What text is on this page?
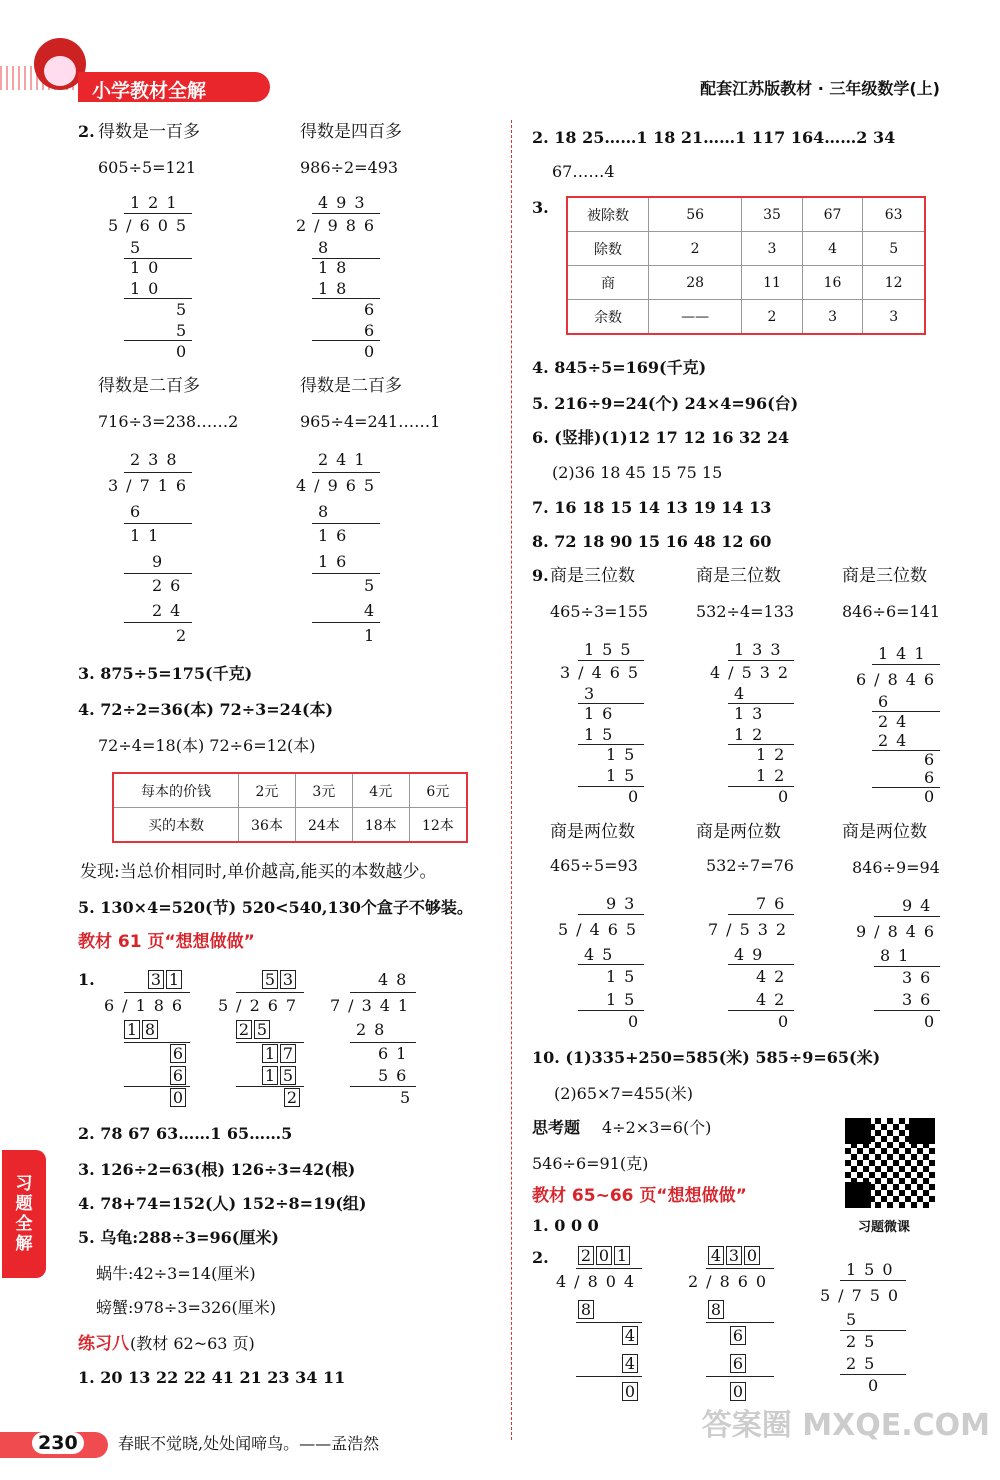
小学教材全解	配套江苏版教材 · 三年级数学(上)
2. 得数是一百多	得数是四百多
605÷5=121	986÷2=493
121
5/605
5
10
10
5
5
0
493
2/986
8
18
18
6
6
0
得数是二百多	得数是二百多
716÷3=238……2	965÷4=241……1
238
3/716
6
11
9
26
24
2
241
4/965
8
16
16
5
4
1
3. 875÷5=175(千克)
4. 72÷2=36(本) 72÷3=24(本)
72÷4=18(本) 72÷6=12(本)
每本的价钱	2元	3元	4元	6元
买的本数	36本	24本	18本	12本
发现:当总价相同时,单价越高,能买的本数越少。
5. 130×4=520(节) 520<540,130个盒子不够装。
教材 61 页“想想做做”
1.	3 1
6/186
1 8
6
6
0
5 3
5/267
2 5
1 7
1 5
2
48
7/341
28
61
56
5
2. 78 67 63……1 65……5
3. 126÷2=63(根) 126÷3=42(根)
4. 78+74=152(人) 152÷8=19(组)
5. 乌龟:288÷3=96(厘米)
蜗牛:42÷3=14(厘米)
螃蟹:978÷3=326(厘米)
练习八 (教材 62~63 页)
1. 20 13 22 22 41 21 23 34 11
习
题
全
解
2. 18 25……1 18 21……1 117 164……2 34
67……4
3.	被除数	56	35	67	63
除数	2	3	4	5
商	28	11	16	12
余数	——	2	3	3
4. 845÷5=169(千克)
5. 216÷9=24(个) 24×4=96(台)
6. (竖排)(1)12 17 12 16 32 24
(2)36 18 45 15 75 15
7. 16 18 15 14 13 19 14 13
8. 72 18 90 15 16 48 12 60
9. 商是三位数	商是三位数	商是三位数
465÷3=155	532÷4=133	846÷6=141
155
3/465
3
16
15
15
15
0
133
4/532
4
13
12
12
12
0
141
6/846
6
24
24
6
6
0
商是两位数	商是两位数	商是两位数
465÷5=93	532÷7=76	846÷9=94
93
5/465
45
15
15
0
76
7/532
49
42
42
0
94
9/846
81
36
36
0
10. (1)335+250=585(米) 585÷9=65(米)
(2)65×7=455(米)
思考题 4÷2×3=6(个)
546÷6=91(克)
习题微课
教材 65~66 页“想想做做”
1. 0 0 0
2. 2 0 1
4/804
8
4
4
0
4 3 0
2/860
8
6
6
0
150
5/750
5
25
25
0
230	春眠不觉晓,处处闻啼鸟。——孟浩然
答案圈 MXQE.COM
